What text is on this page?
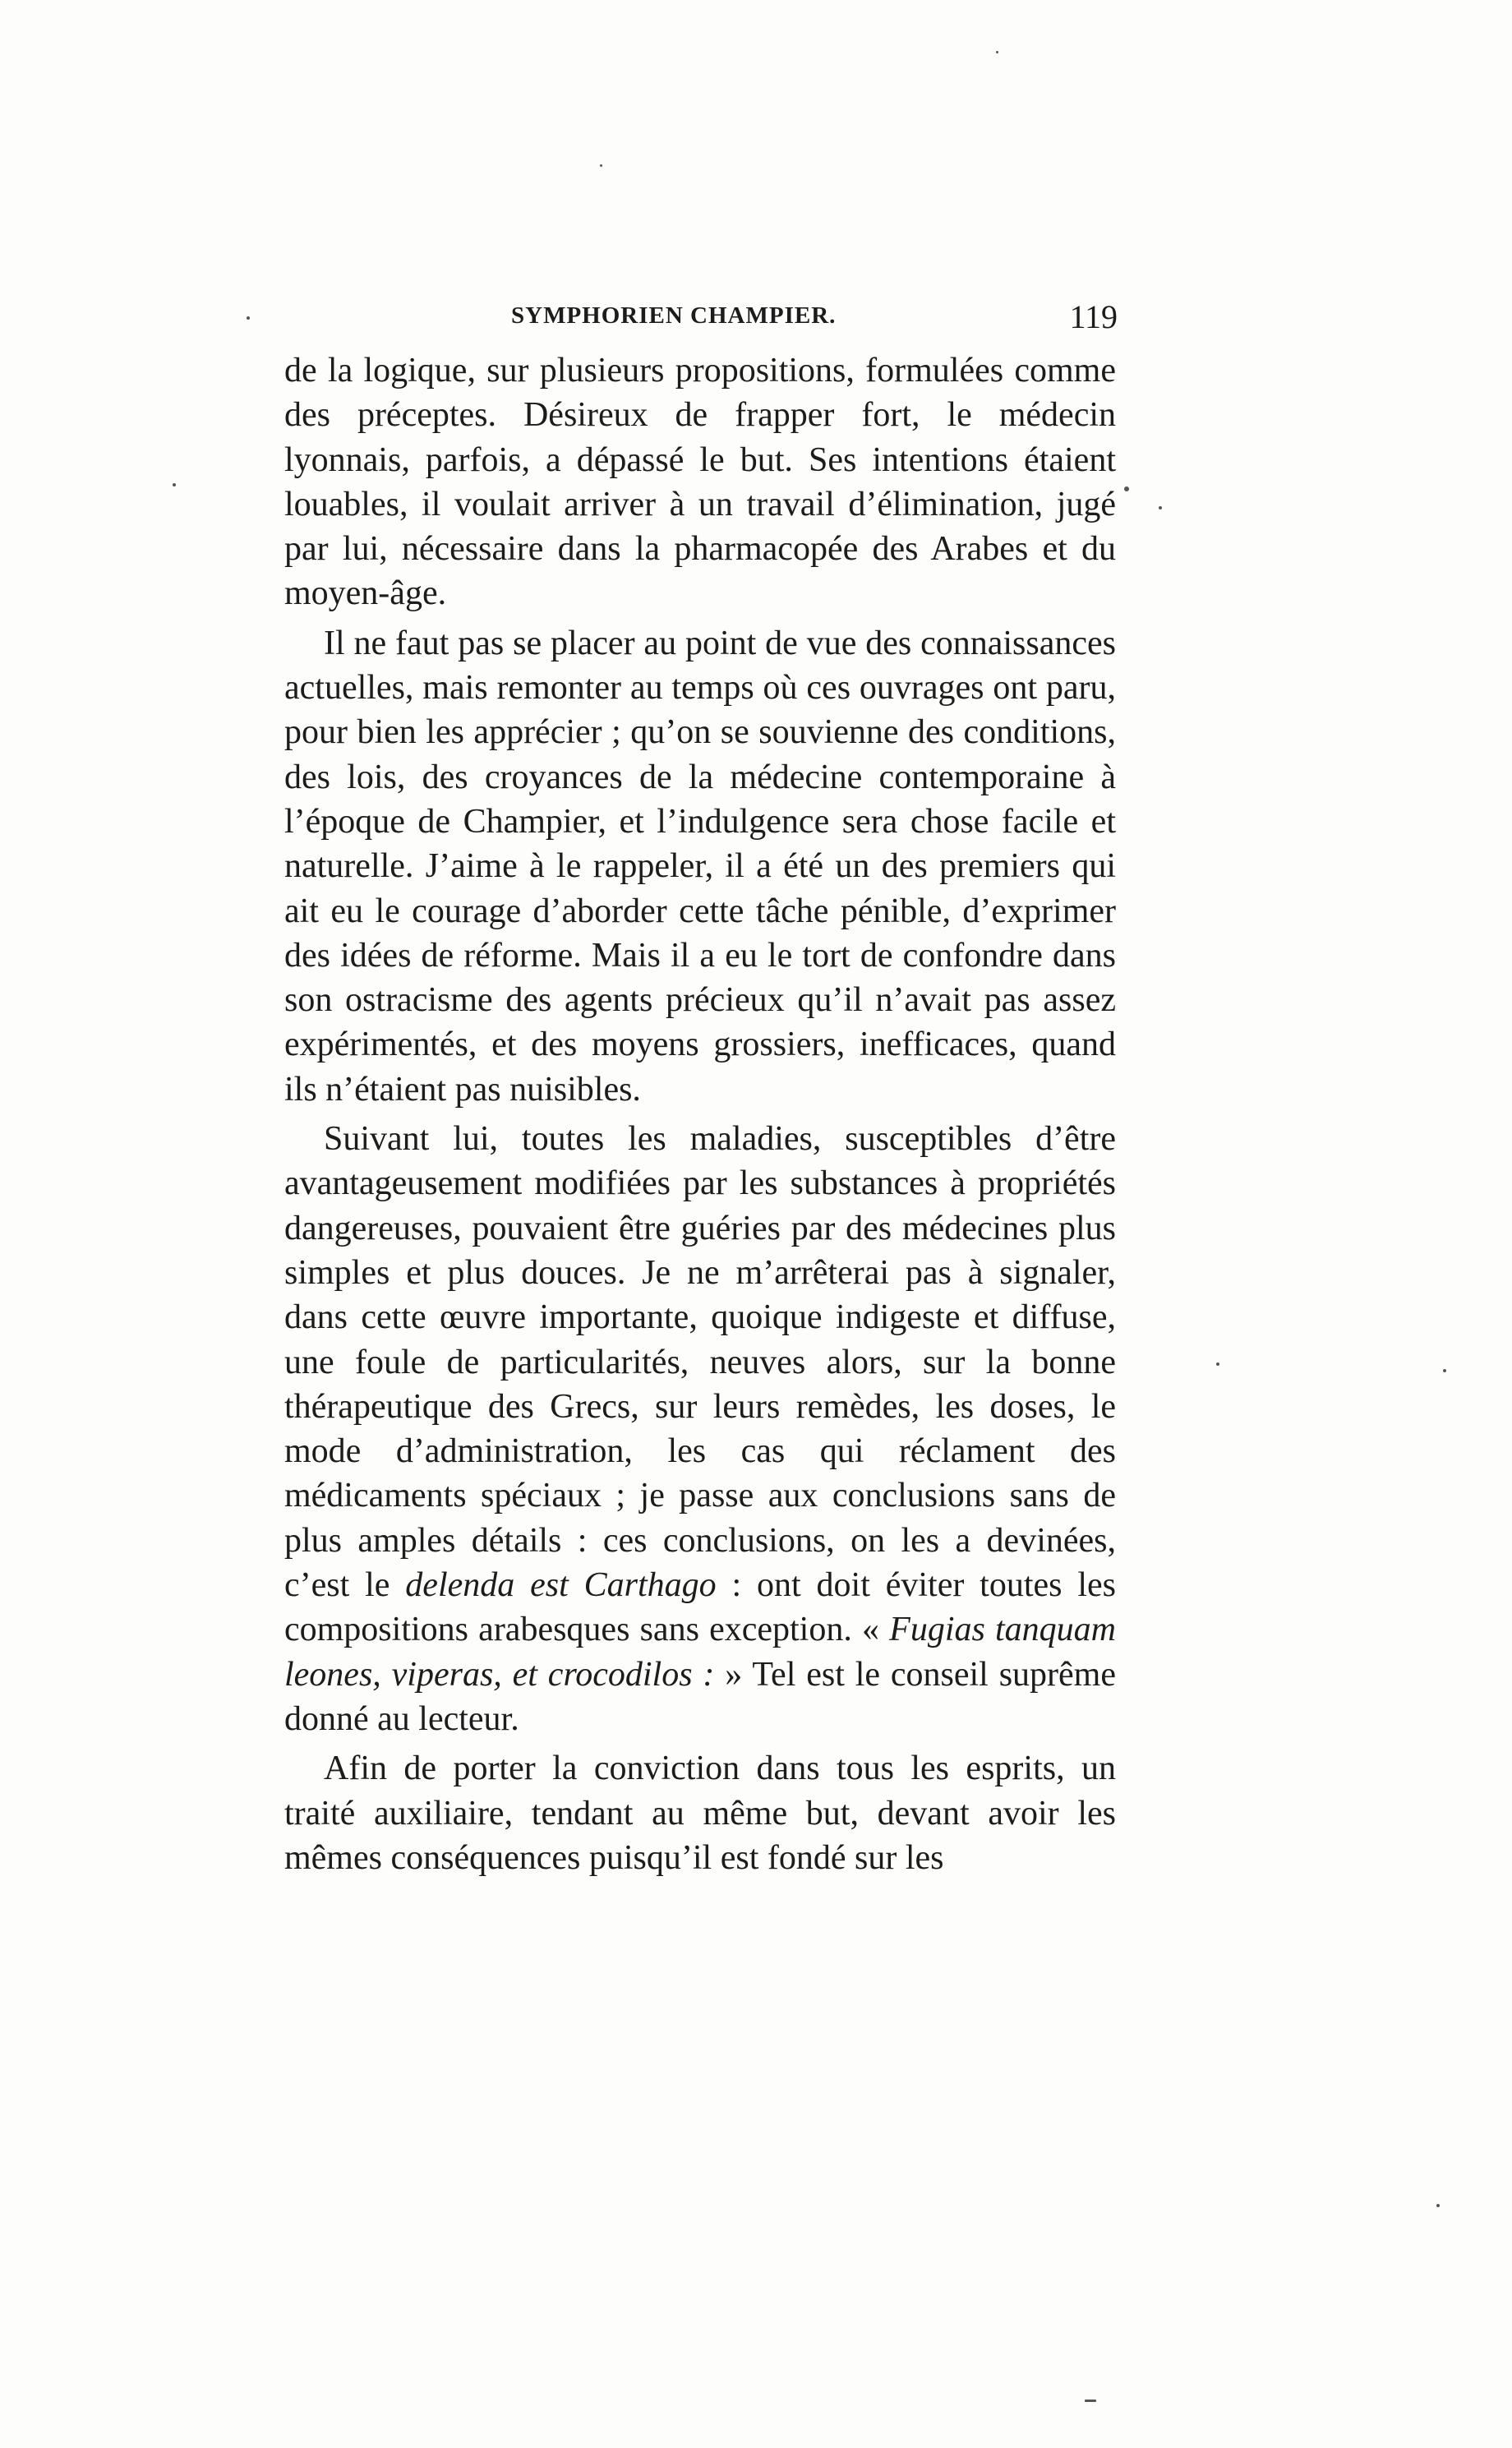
SYMPHORIEN CHAMPIER.	119

de la logique, sur plusieurs propositions, formulées comme des préceptes. Désireux de frapper fort, le médecin lyonnais, parfois, a dépassé le but. Ses intentions étaient louables, il voulait arriver à un travail d’élimination, jugé par lui, nécessaire dans la pharmacopée des Arabes et du moyen-âge.

Il ne faut pas se placer au point de vue des connaissances actuelles, mais remonter au temps où ces ouvrages ont paru, pour bien les apprécier ; qu’on se souvienne des conditions, des lois, des croyances de la médecine contemporaine à l’époque de Champier, et l’indulgence sera chose facile et naturelle. J’aime à le rappeler, il a été un des premiers qui ait eu le courage d’aborder cette tâche pénible, d’exprimer des idées de réforme. Mais il a eu le tort de confondre dans son ostracisme des agents précieux qu’il n’avait pas assez expérimentés, et des moyens grossiers, inefficaces, quand ils n’étaient pas nuisibles.

Suivant lui, toutes les maladies, susceptibles d’être avantageusement modifiées par les substances à propriétés dangereuses, pouvaient être guéries par des médecines plus simples et plus douces. Je ne m’arrêterai pas à signaler, dans cette œuvre importante, quoique indigeste et diffuse, une foule de particularités, neuves alors, sur la bonne thérapeutique des Grecs, sur leurs remèdes, les doses, le mode d’administration, les cas qui réclament des médicaments spéciaux ; je passe aux conclusions sans de plus amples détails : ces conclusions, on les a devinées, c’est le delenda est Carthago : ont doit éviter toutes les compositions arabesques sans exception. « Fugias tanquam leones, viperas, et crocodilos : » Tel est le conseil suprême donné au lecteur.

Afin de porter la conviction dans tous les esprits, un traité auxiliaire, tendant au même but, devant avoir les mêmes conséquences puisqu’il est fondé sur les
